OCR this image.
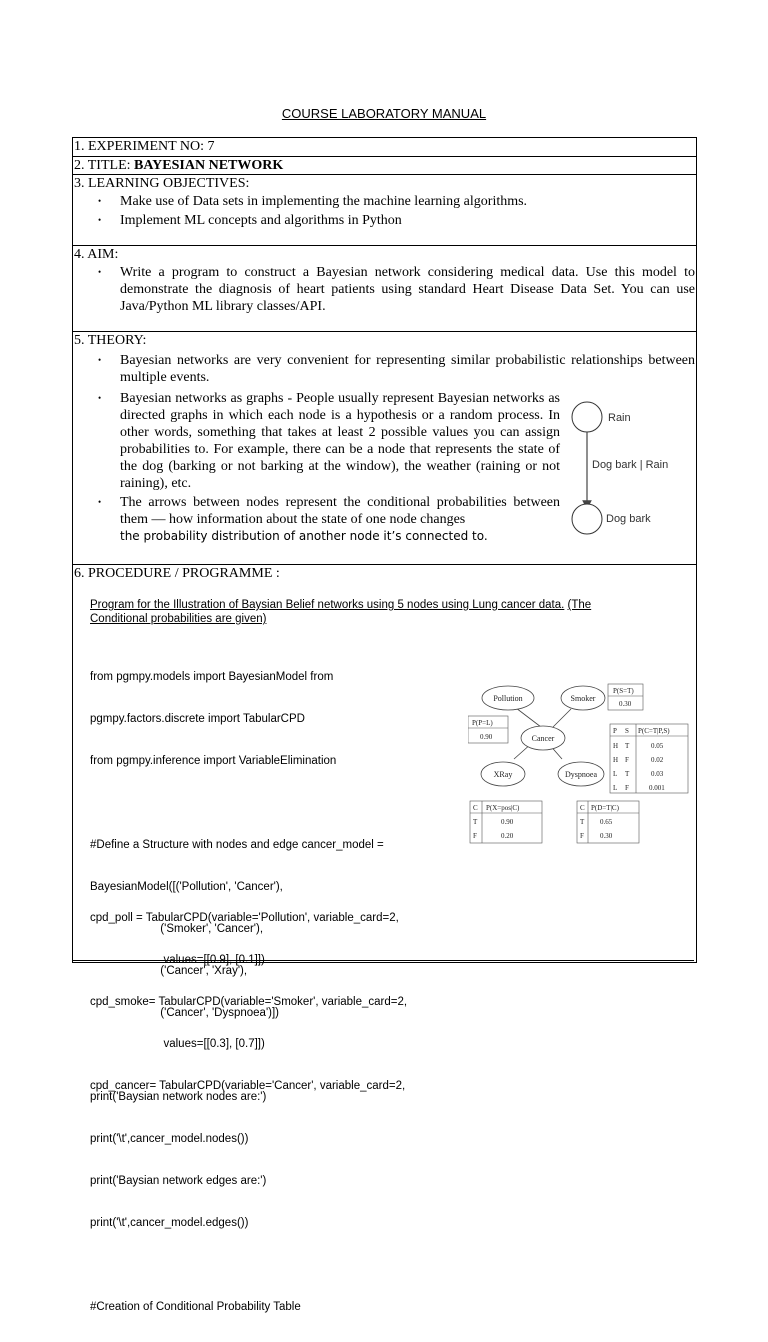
COURSE LABORATORY MANUAL
1. EXPERIMENT NO: 7
2. TITLE: BAYESIAN NETWORK
3. LEARNING OBJECTIVES:
• Make use of Data sets in implementing the machine learning algorithms.
• Implement ML concepts and algorithms in Python
4. AIM:
• Write a program to construct a Bayesian network considering medical data. Use this model to demonstrate the diagnosis of heart patients using standard Heart Disease Data Set. You can use Java/Python ML library classes/API.
5. THEORY:
• Bayesian networks are very convenient for representing similar probabilistic relationships between multiple events.
• Bayesian networks as graphs - People usually represent Bayesian networks as directed graphs in which each node is a hypothesis or a random process. In other words, something that takes at least 2 possible values you can assign probabilities to. For example, there can be a node that represents the state of the dog (barking or not barking at the window), the weather (raining or not raining), etc.
• The arrows between nodes represent the conditional probabilities between them — how information about the state of one node changes
the probability distribution of another node it’s connected to.
Rain
Dog bark | Rain
Dog bark
6. PROCEDURE / PROGRAMME :
Program for the Illustration of Baysian Belief networks using 5 nodes using Lung cancer data. (The
Conditional probabilities are given)

from pgmpy.models import BayesianModel from

pgmpy.factors.discrete import TabularCPD

from pgmpy.inference import VariableElimination

#Define a Structure with nodes and edge cancer_model =

BayesianModel([('Pollution', 'Cancer'),

('Smoker', 'Cancer'),

('Cancer', 'Xray'),

('Cancer', 'Dyspnoea')])

print('Baysian network nodes are:')

print('\t',cancer_model.nodes())

print('Baysian network edges are:')

print('\t',cancer_model.edges())

#Creation of Conditional Probability Table

cpd_poll = TabularCPD(variable='Pollution', variable_card=2,

values=[[0.9], [0.1]])

cpd_smoke= TabularCPD(variable='Smoker', variable_card=2,

values=[[0.3], [0.7]])

cpd_cancer= TabularCPD(variable='Cancer', variable_card=2,

Pollution	Smoker
Cancer
XRay	Dyspnoea
P(S=T)
0.30
P(P=L)
0.90
P S P(C=T|P,S)
H T	0.05
H F	0.02
L T	0.03
L F	0.001
C P(X=pos|C)
T	0.90
F	0.20
C P(D=T|C)
T 0.65
F 0.30
